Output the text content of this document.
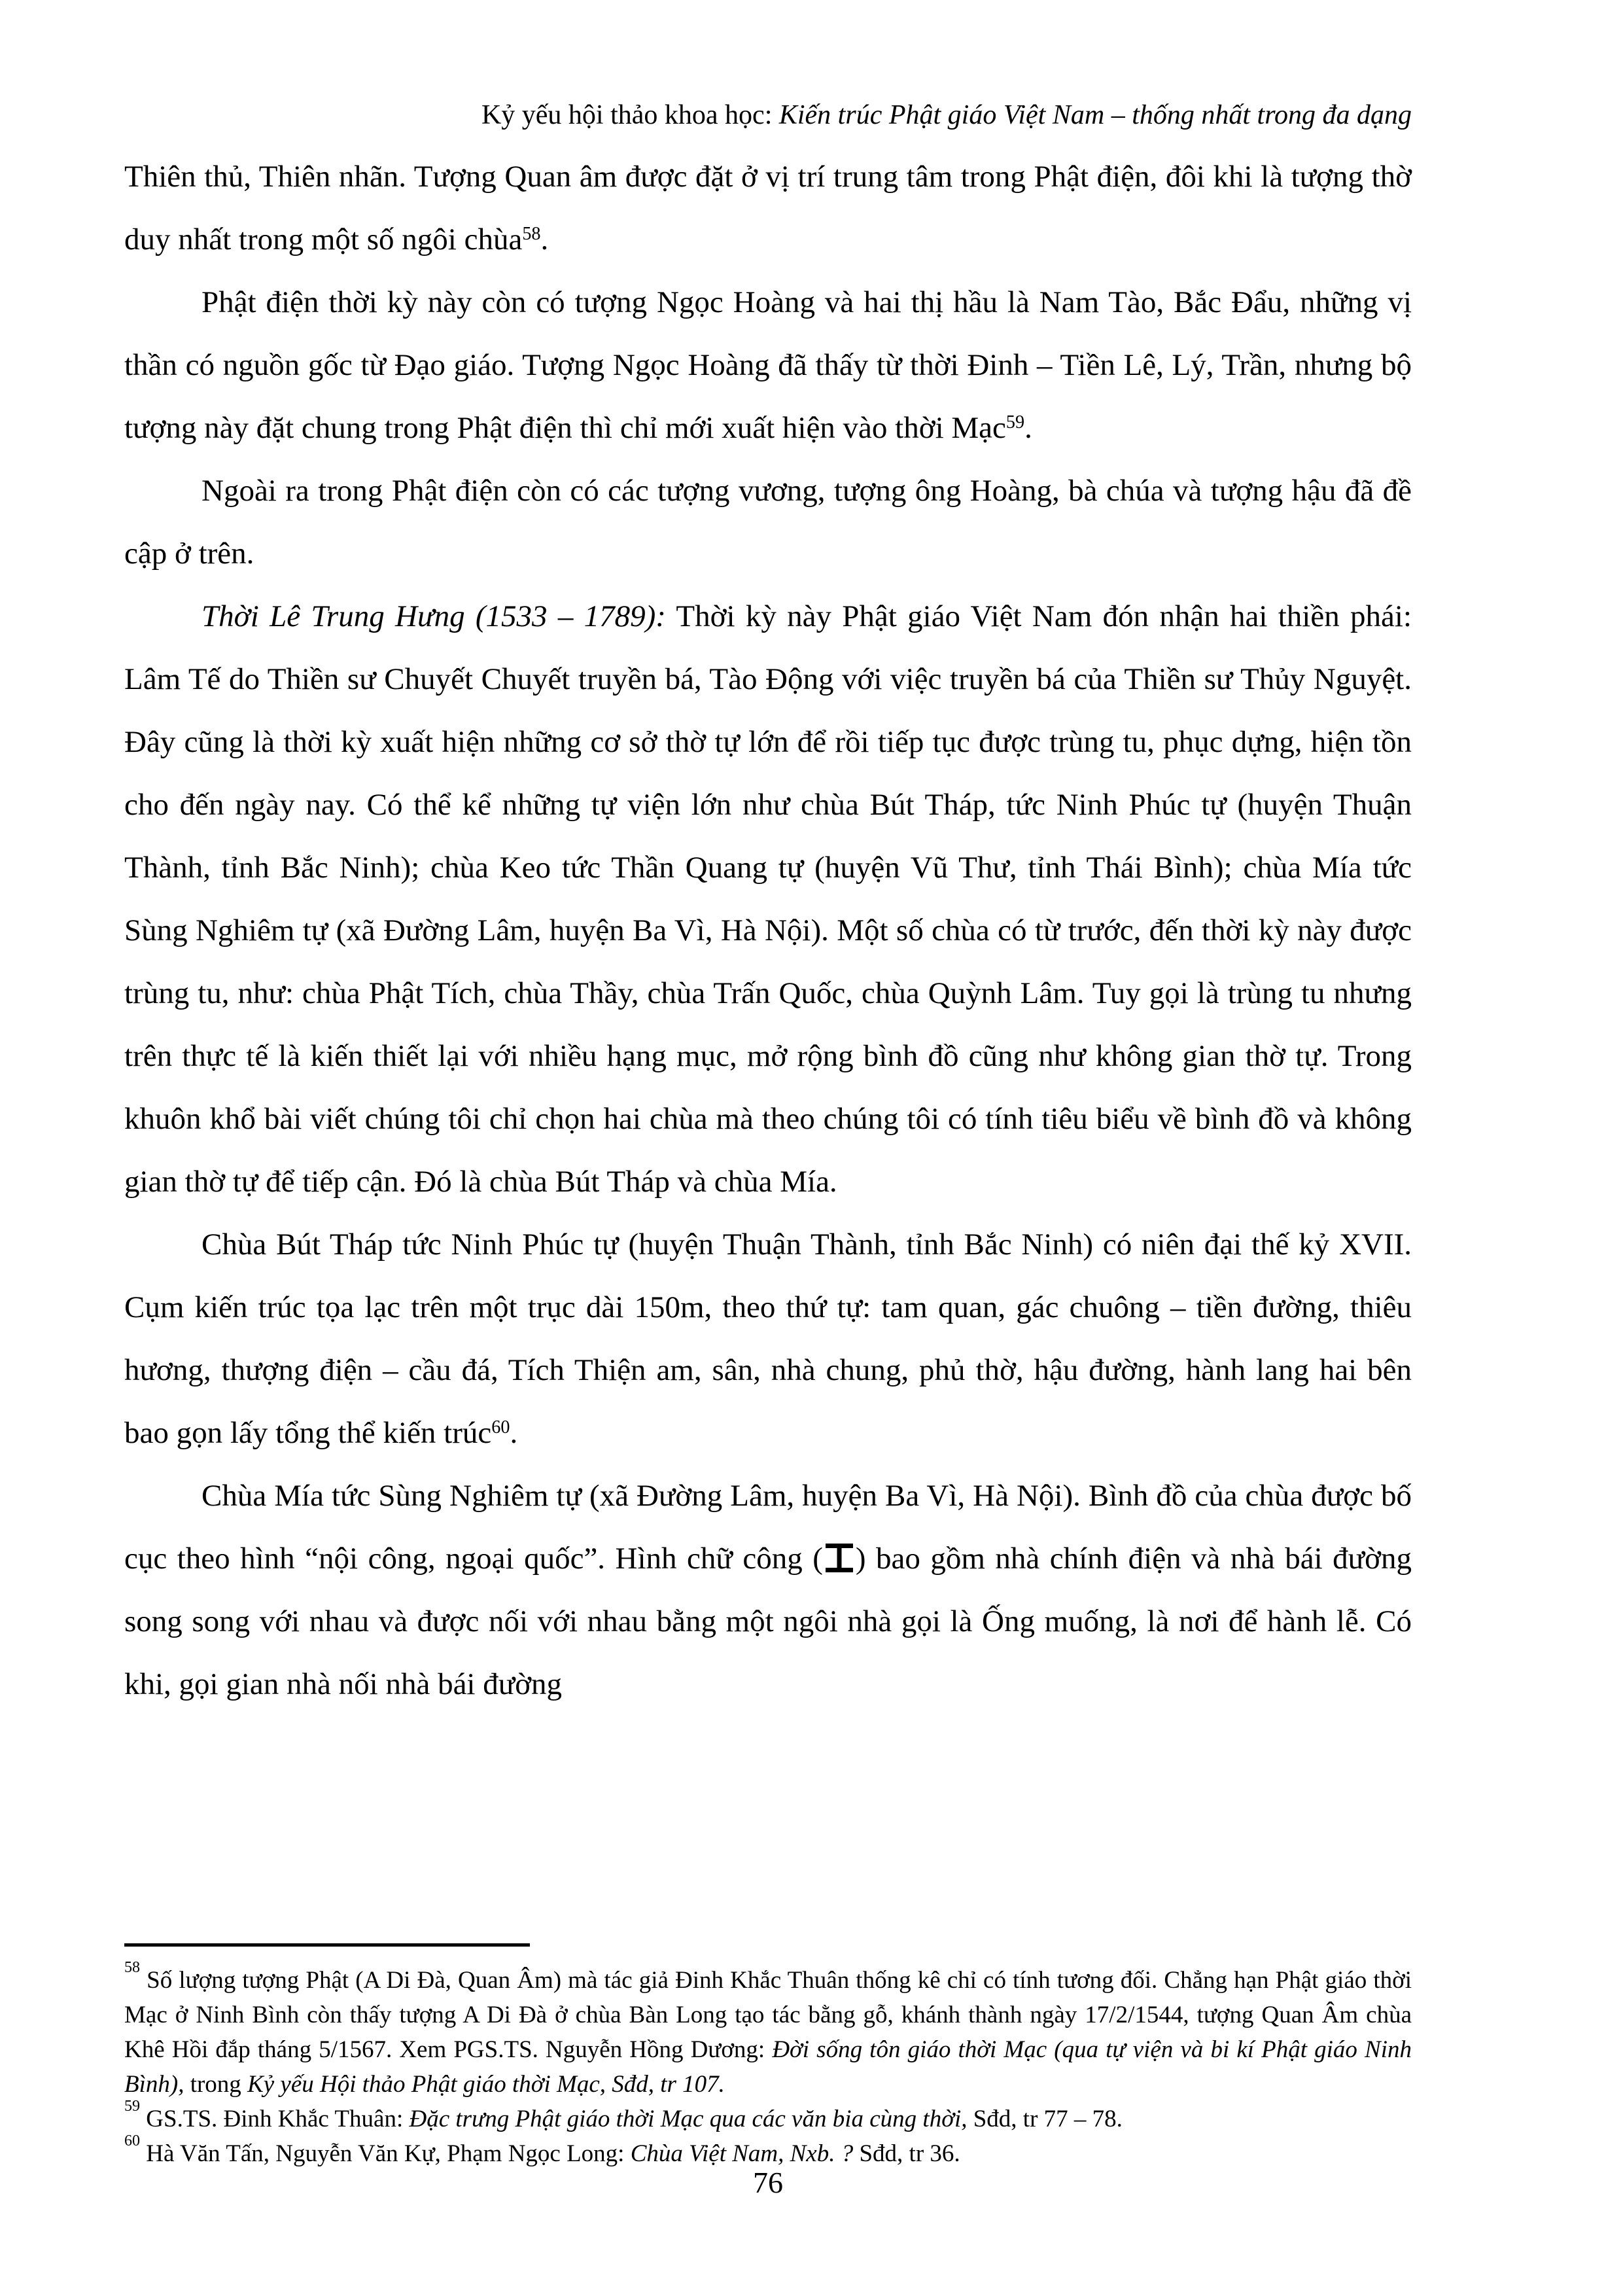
Kỷ yếu hội thảo khoa học: Kiến trúc Phật giáo Việt Nam – thống nhất trong đa dạng

Thiên thủ, Thiên nhãn. Tượng Quan âm được đặt ở vị trí trung tâm trong Phật điện, đôi khi là tượng thờ duy nhất trong một số ngôi chùa$^{58}$.

Phật điện thời kỳ này còn có tượng Ngọc Hoàng và hai thị hầu là Nam Tào, Bắc Đẩu, những vị thần có nguồn gốc từ Đạo giáo. Tượng Ngọc Hoàng đã thấy từ thời Đinh – Tiền Lê, Lý, Trần, nhưng bộ tượng này đặt chung trong Phật điện thì chỉ mới xuất hiện vào thời Mạc$^{59}$.

Ngoài ra trong Phật điện còn có các tượng vương, tượng ông Hoàng, bà chúa và tượng hậu đã đề cập ở trên.

Thời Lê Trung Hưng (1533 – 1789): Thời kỳ này Phật giáo Việt Nam đón nhận hai thiền phái: Lâm Tế do Thiền sư Chuyết Chuyết truyền bá, Tào Động với việc truyền bá của Thiền sư Thủy Nguyệt. Đây cũng là thời kỳ xuất hiện những cơ sở thờ tự lớn để rồi tiếp tục được trùng tu, phục dựng, hiện tồn cho đến ngày nay. Có thể kể những tự viện lớn như chùa Bút Tháp, tức Ninh Phúc tự (huyện Thuận Thành, tỉnh Bắc Ninh); chùa Keo tức Thần Quang tự (huyện Vũ Thư, tỉnh Thái Bình); chùa Mía tức Sùng Nghiêm tự (xã Đường Lâm, huyện Ba Vì, Hà Nội). Một số chùa có từ trước, đến thời kỳ này được trùng tu, như: chùa Phật Tích, chùa Thầy, chùa Trấn Quốc, chùa Quỳnh Lâm. Tuy gọi là trùng tu nhưng trên thực tế là kiến thiết lại với nhiều hạng mục, mở rộng bình đồ cũng như không gian thờ tự. Trong khuôn khổ bài viết chúng tôi chỉ chọn hai chùa mà theo chúng tôi có tính tiêu biểu về bình đồ và không gian thờ tự để tiếp cận. Đó là chùa Bút Tháp và chùa Mía.

Chùa Bút Tháp tức Ninh Phúc tự (huyện Thuận Thành, tỉnh Bắc Ninh) có niên đại thế kỷ XVII. Cụm kiến trúc tọa lạc trên một trục dài 150m, theo thứ tự: tam quan, gác chuông – tiền đường, thiêu hương, thượng điện – cầu đá, Tích Thiện am, sân, nhà chung, phủ thờ, hậu đường, hành lang hai bên bao gọn lấy tổng thể kiến trúc$^{60}$.

Chùa Mía tức Sùng Nghiêm tự (xã Đường Lâm, huyện Ba Vì, Hà Nội). Bình đồ của chùa được bố cục theo hình “nội công, ngoại quốc”. Hình chữ công ( ) bao gồm nhà chính điện và nhà bái đường song song với nhau và được nối với nhau bằng một ngôi nhà gọi là Ống muống, là nơi để hành lễ. Có khi, gọi gian nhà nối nhà bái đường

$^{58}$ Số lượng tượng Phật (A Di Đà, Quan Âm) mà tác giả Đinh Khắc Thuân thống kê chỉ có tính tương đối. Chẳng hạn Phật giáo thời Mạc ở Ninh Bình còn thấy tượng A Di Đà ở chùa Bàn Long tạo tác bằng gỗ, khánh thành ngày 17/2/1544, tượng Quan Âm chùa Khê Hồi đắp tháng 5/1567. Xem PGS.TS. Nguyễn Hồng Dương: Đời sống tôn giáo thời Mạc (qua tự viện và bi kí Phật giáo Ninh Bình), trong Kỷ yếu Hội thảo Phật giáo thời Mạc, Sđd, tr 107.

$^{59}$ GS.TS. Đinh Khắc Thuân: Đặc trưng Phật giáo thời Mạc qua các văn bia cùng thời, Sđd, tr 77 – 78.

$^{60}$ Hà Văn Tấn, Nguyễn Văn Kự, Phạm Ngọc Long: Chùa Việt Nam, Nxb. ? Sđd, tr 36.

76
